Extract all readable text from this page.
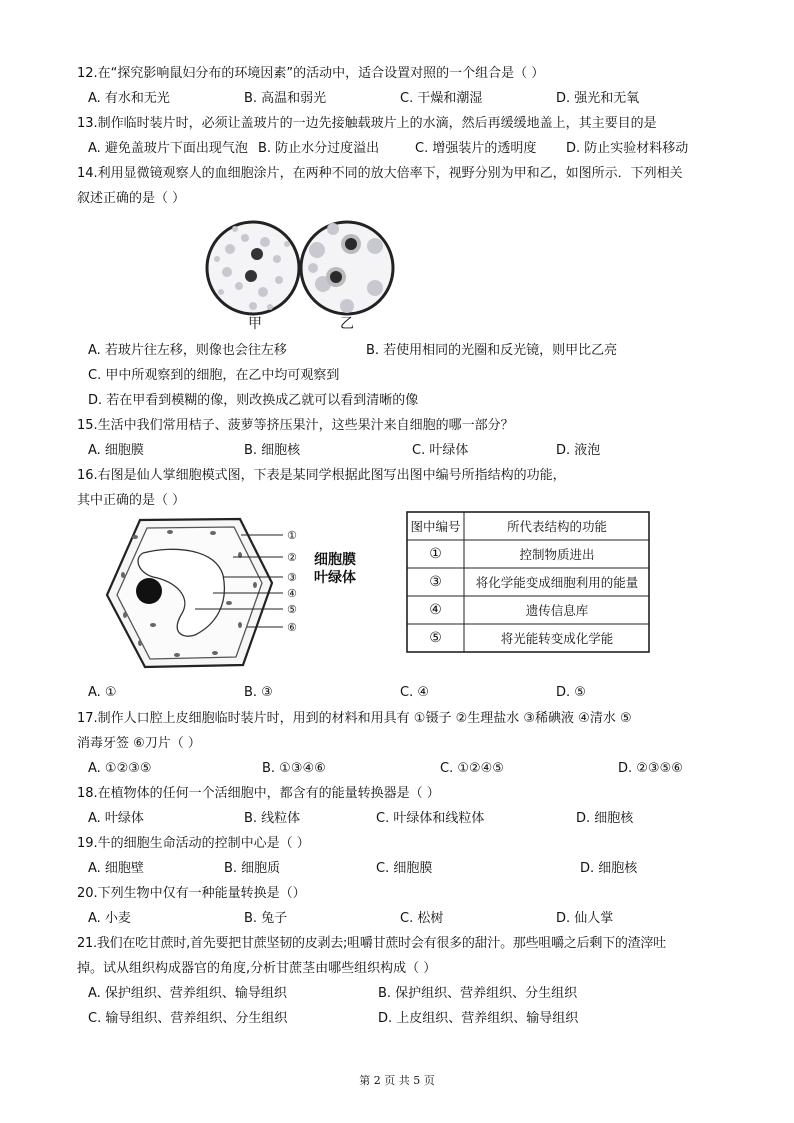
12.在“探究影响鼠妇分布的环境因素”的活动中，适合设置对照的一个组合是（ ）
A. 有水和无光	B. 高温和弱光	C. 干燥和潮湿	D. 强光和无氧
13.制作临时装片时，必须让盖玻片的一边先接触载玻片上的水滴，然后再缓缓地盖上，其主要目的是
A. 避免盖玻片下面出现气泡 B. 防止水分过度溢出	C. 增强装片的透明度 D. 防止实验材料移动
14.利用显微镜观察人的血细胞涂片，在两种不同的放大倍率下，视野分别为甲和乙，如图所示．下列相关
叙述正确的是（ ）
甲	乙
A. 若玻片往左移，则像也会往左移	B. 若使用相同的光圈和反光镜，则甲比乙亮
C. 甲中所观察到的细胞，在乙中均可观察到
D. 若在甲看到模糊的像，则改换成乙就可以看到清晰的像
15.生活中我们常用桔子、菠萝等挤压果汁，这些果汁来自细胞的哪一部分？
A. 细胞膜	B. 细胞核	C. 叶绿体	D. 液泡
16.右图是仙人掌细胞模式图，下表是某同学根据此图写出图中编号所指结构的功能，
其中正确的是（ ）
①
②
③
④
⑤
⑥
细胞膜
叶绿体
图中编号	所代表结构的功能
①	控制物质进出
③	将化学能变成细胞利用的能量
④	遗传信息库
⑤	将光能转变成化学能
A. ①	B. ③	C. ④	D. ⑤
17.制作人口腔上皮细胞临时装片时，用到的材料和用具有 ①镊子 ②生理盐水 ③稀碘液 ④清水 ⑤
消毒牙签 ⑥刀片（ ）
A. ①②③⑤	B. ①③④⑥	C. ①②④⑤	D. ②③⑤⑥
18.在植物体的任何一个活细胞中，都含有的能量转换器是（ ）
A. 叶绿体	B. 线粒体	C. 叶绿体和线粒体	D. 细胞核
19.牛的细胞生命活动的控制中心是（ ）
A. 细胞壁	B. 细胞质	C. 细胞膜	D. 细胞核
20.下列生物中仅有一种能量转换是（）
A. 小麦	B. 兔子	C. 松树	D. 仙人掌
21.我们在吃甘蔗时,首先要把甘蔗坚韧的皮剥去;咀嚼甘蔗时会有很多的甜汁。那些咀嚼之后剩下的渣滓吐
掉。试从组织构成器官的角度,分析甘蔗茎由哪些组织构成（ ）
A. 保护组织、营养组织、输导组织	B. 保护组织、营养组织、分生组织
C. 输导组织、营养组织、分生组织	D. 上皮组织、营养组织、输导组织
第 2 页 共 5 页
